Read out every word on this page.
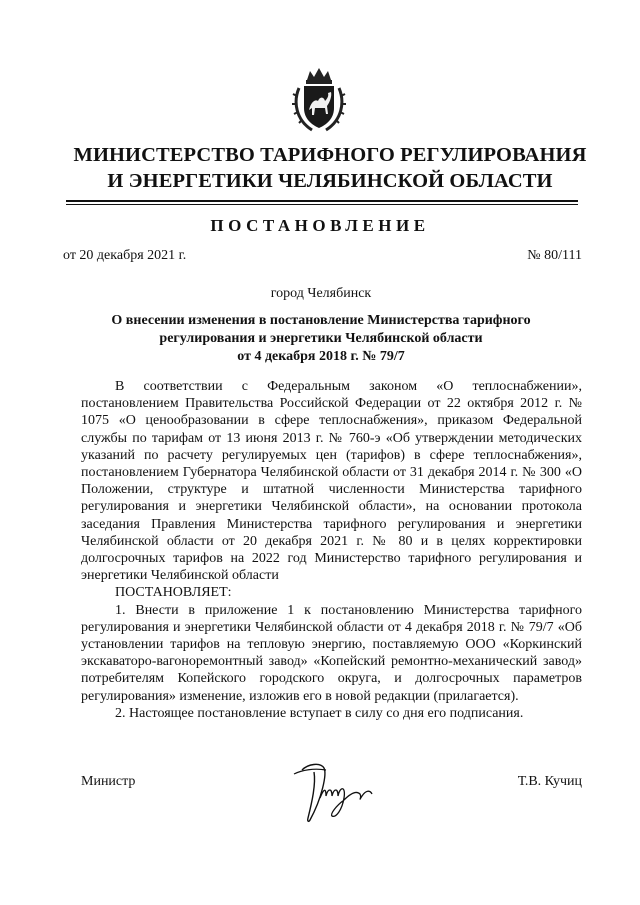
МИНИСТЕРСТВО ТАРИФНОГО РЕГУЛИРОВАНИЯ
И ЭНЕРГЕТИКИ ЧЕЛЯБИНСКОЙ ОБЛАСТИ
ПОСТАНОВЛЕНИЕ
от 20 декабря 2021 г.	№ 80/111
город Челябинск
О внесении изменения в постановление Министерства тарифного
регулирования и энергетики Челябинской области
от 4 декабря 2018 г. № 79/7

В соответствии с Федеральным законом «О теплоснабжении», постановлением Правительства Российской Федерации от 22 октября 2012 г. № 1075 «О ценообразовании в сфере теплоснабжения», приказом Федеральной службы по тарифам от 13 июня 2013 г. № 760-э «Об утверждении методических указаний по расчету регулируемых цен (тарифов) в сфере теплоснабжения», постановлением Губернатора Челябинской области от 31 декабря 2014 г. № 300 «О Положении, структуре и штатной численности Министерства тарифного регулирования и энергетики Челябинской области», на основании протокола заседания Правления Министерства тарифного регулирования и энергетики Челябинской области от 20 декабря 2021 г. № 80 и в целях корректировки долгосрочных тарифов на 2022 год Министерство тарифного регулирования и энергетики Челябинской области

ПОСТАНОВЛЯЕТ:

1. Внести в приложение 1 к постановлению Министерства тарифного регулирования и энергетики Челябинской области от 4 декабря 2018 г. № 79/7 «Об установлении тарифов на тепловую энергию, поставляемую ООО «Коркинский экскаваторо-вагоноремонтный завод» «Копейский ремонтно-механический завод» потребителям Копейского городского округа, и долгосрочных параметров регулирования» изменение, изложив его в новой редакции (прилагается).

2. Настоящее постановление вступает в силу со дня его подписания.

Министр	Т.В. Кучиц
